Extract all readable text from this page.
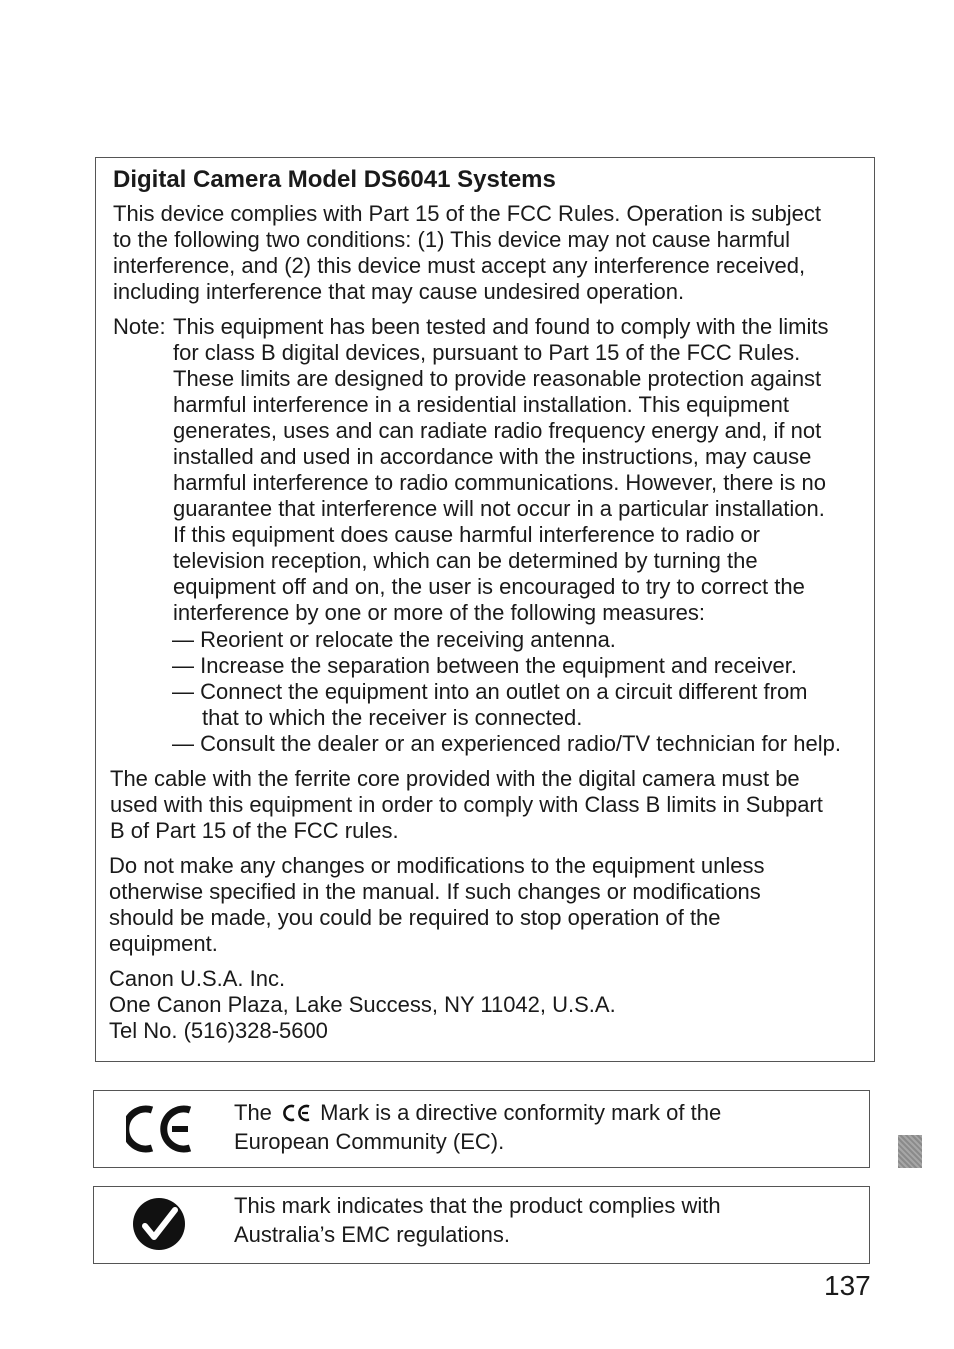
Digital Camera Model DS6041 Systems
This device complies with Part 15 of the FCC Rules. Operation is subject
to the following two conditions: (1) This device may not cause harmful
interference, and (2) this device must accept any interference received,
including interference that may cause undesired operation.
Note: This equipment has been tested and found to comply with the limits
for class B digital devices, pursuant to Part 15 of the FCC Rules.
These limits are designed to provide reasonable protection against
harmful interference in a residential installation. This equipment
generates, uses and can radiate radio frequency energy and, if not
installed and used in accordance with the instructions, may cause
harmful interference to radio communications. However, there is no
guarantee that interference will not occur in a particular installation.
If this equipment does cause harmful interference to radio or
television reception, which can be determined by turning the
equipment off and on, the user is encouraged to try to correct the
interference by one or more of the following measures:
— Reorient or relocate the receiving antenna.
— Increase the separation between the equipment and receiver.
— Connect the equipment into an outlet on a circuit different from
that to which the receiver is connected.
— Consult the dealer or an experienced radio/TV technician for help.
The cable with the ferrite core provided with the digital camera must be
used with this equipment in order to comply with Class B limits in Subpart
B of Part 15 of the FCC rules.
Do not make any changes or modifications to the equipment unless
otherwise specified in the manual. If such changes or modifications
should be made, you could be required to stop operation of the
equipment.
Canon U.S.A. Inc.
One Canon Plaza, Lake Success, NY 11042, U.S.A.
Tel No. (516)328-5600
The Mark is a directive conformity mark of the
European Community (EC).
This mark indicates that the product complies with
Australia’s EMC regulations.
137
